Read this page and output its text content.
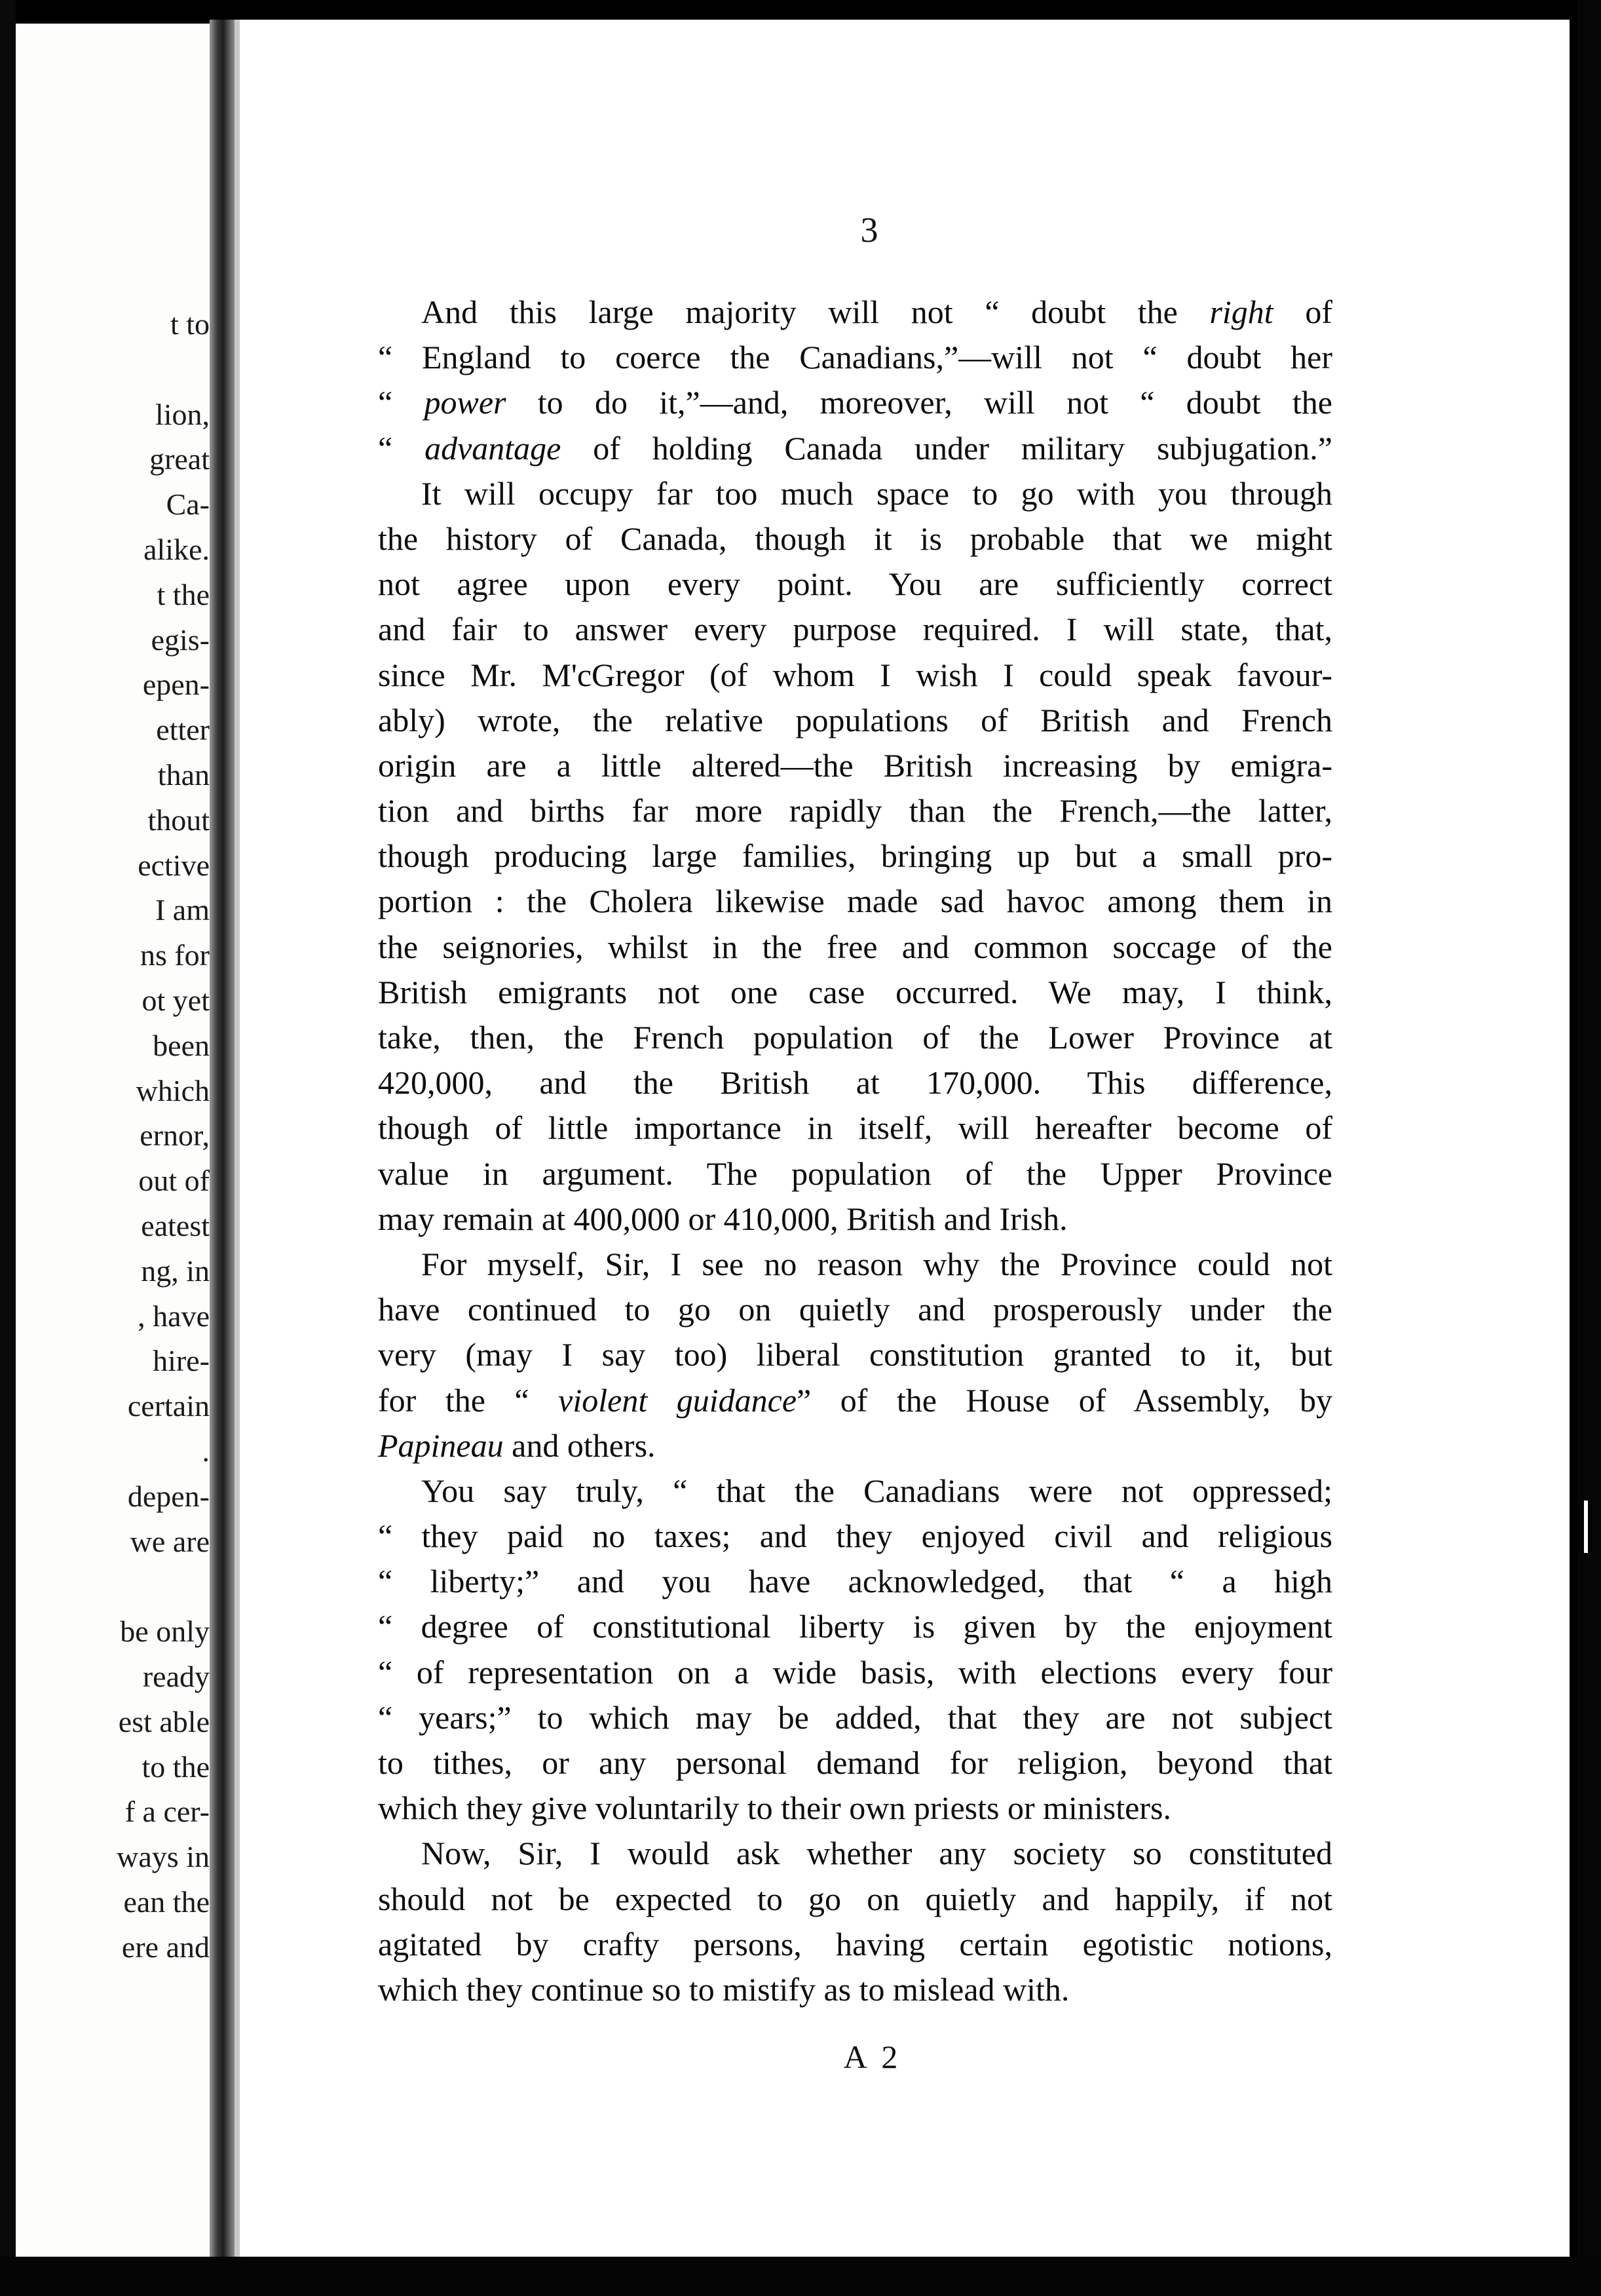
t to
lion,
great
Ca-
alike.
t the
egis-
epen-
etter
than
thout
ective
I am
ns for
ot yet
been
which
ernor,
out of
eatest
ng, in
, have
hire-
certain
.
depen-
we are
be only
ready
est able
to the
f a cer-
ways in
ean the
ere and
3
And this large majority will not “ doubt the right of
“ England to coerce the Canadians,”—will not “ doubt her
“ power to do it,”—and, moreover, will not “ doubt the
“ advantage of holding Canada under military subjugation.”
It will occupy far too much space to go with you through
the history of Canada, though it is probable that we might
not agree upon every point. You are sufficiently correct
and fair to answer every purpose required. I will state, that,
since Mr. M'cGregor (of whom I wish I could speak favour-
ably) wrote, the relative populations of British and French
origin are a little altered—the British increasing by emigra-
tion and births far more rapidly than the French,—the latter,
though producing large families, bringing up but a small pro-
portion : the Cholera likewise made sad havoc among them in
the seignories, whilst in the free and common soccage of the
British emigrants not one case occurred. We may, I think,
take, then, the French population of the Lower Province at
420,000, and the British at 170,000. This difference,
though of little importance in itself, will hereafter become of
value in argument. The population of the Upper Province
may remain at 400,000 or 410,000, British and Irish.
For myself, Sir, I see no reason why the Province could not
have continued to go on quietly and prosperously under the
very (may I say too) liberal constitution granted to it, but
for the “ violent guidance” of the House of Assembly, by
Papineau and others.
You say truly, “ that the Canadians were not oppressed;
“ they paid no taxes; and they enjoyed civil and religious
“ liberty;” and you have acknowledged, that “ a high
“ degree of constitutional liberty is given by the enjoyment
“ of representation on a wide basis, with elections every four
“ years;” to which may be added, that they are not subject
to tithes, or any personal demand for religion, beyond that
which they give voluntarily to their own priests or ministers.
Now, Sir, I would ask whether any society so constituted
should not be expected to go on quietly and happily, if not
agitated by crafty persons, having certain egotistic notions,
which they continue so to mistify as to mislead with.
A 2
